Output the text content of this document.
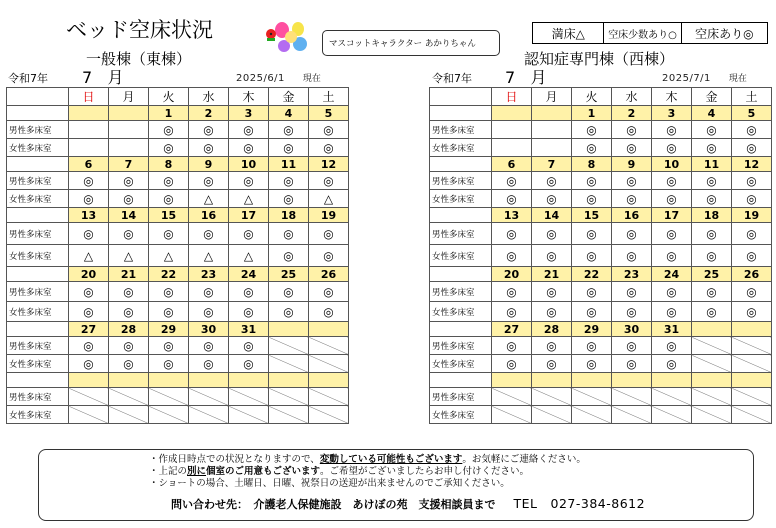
ベッド空床状況
マスコットキャラクター あかりちゃん
満床△	空床少数あり○	空床あり◎
一般棟（東棟）	認知症専門棟（西棟）
令和7年 7 月	2025/6/1 現在	令和7年 7 月	2025/7/1 現在
	日	月	火	水	木	金	土
			1	2	3	4	5
男性多床室			◎	◎	◎	◎	◎
女性多床室			◎	◎	◎	◎	◎
	6	7	8	9	10	11	12
男性多床室	◎	◎	◎	◎	◎	◎	◎
女性多床室	◎	◎	◎	△	△	◎	△
	13	14	15	16	17	18	19
男性多床室	◎	◎	◎	◎	◎	◎	◎
女性多床室	△	△	△	△	△	◎	◎
	20	21	22	23	24	25	26
男性多床室	◎	◎	◎	◎	◎	◎	◎
女性多床室	◎	◎	◎	◎	◎	◎	◎
	27	28	29	30	31		
男性多床室	◎	◎	◎	◎	◎		
女性多床室	◎	◎	◎	◎	◎		

男性多床室							
女性多床室							
	日	月	火	水	木	金	土
			1	2	3	4	5
男性多床室			◎	◎	◎	◎	◎
女性多床室			◎	◎	◎	◎	◎
	6	7	8	9	10	11	12
男性多床室	◎	◎	◎	◎	◎	◎	◎
女性多床室	◎	◎	◎	◎	◎	◎	◎
	13	14	15	16	17	18	19
男性多床室	◎	◎	◎	◎	◎	◎	◎
女性多床室	◎	◎	◎	◎	◎	◎	◎
	20	21	22	23	24	25	26
男性多床室	◎	◎	◎	◎	◎	◎	◎
女性多床室	◎	◎	◎	◎	◎	◎	◎
	27	28	29	30	31		
男性多床室	◎	◎	◎	◎	◎		
女性多床室	◎	◎	◎	◎	◎		

男性多床室							
女性多床室							
・作成日時点での状況となりますので、変動している可能性もございます。お気軽にご連絡ください。
・上記の別に個室のご用意もございます。ご希望がございましたらお申し付けください。
・ショートの場合、土曜日、日曜、祝祭日の送迎が出来ませんのでご承知ください。
問い合わせ先：　介護老人保健施設　あけぼの苑　支援相談員まで TEL　027-384-8612
